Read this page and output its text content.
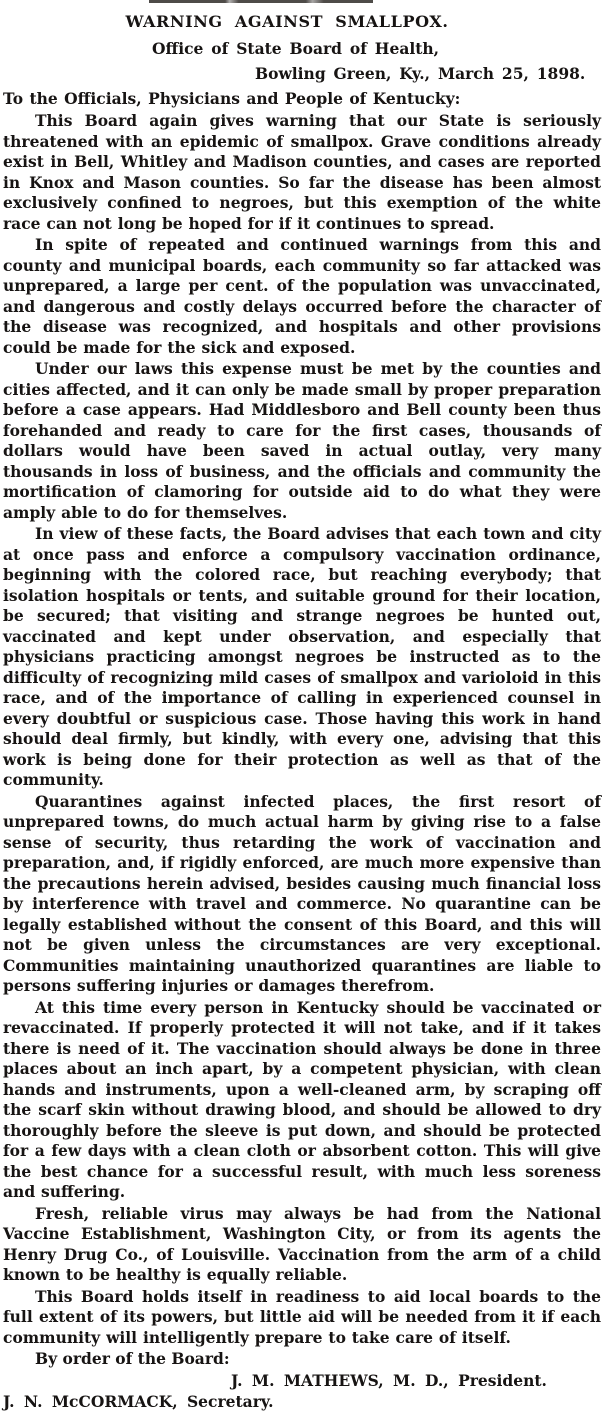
WARNING AGAINST SMALLPOX.
Office of State Board of Health,
Bowling Green, Ky., March 25, 1898.
To the Officials, Physicians and People of Kentucky:

This Board again gives warning that our State is seriously threatened with an epidemic of smallpox. Grave conditions already exist in Bell, Whitley and Madison counties, and cases are reported in Knox and Mason counties. So far the disease has been almost exclusively confined to negroes, but this exemption of the white race can not long be hoped for if it continues to spread.

In spite of repeated and continued warnings from this and county and municipal boards, each community so far attacked was unprepared, a large per cent. of the population was unvaccinated, and dangerous and costly delays occurred before the character of the disease was recognized, and hospitals and other provisions could be made for the sick and exposed.

Under our laws this expense must be met by the counties and cities affected, and it can only be made small by proper preparation before a case appears. Had Middlesboro and Bell county been thus forehanded and ready to care for the first cases, thousands of dollars would have been saved in actual outlay, very many thousands in loss of business, and the officials and community the mortification of clamoring for outside aid to do what they were amply able to do for themselves.

In view of these facts, the Board advises that each town and city at once pass and enforce a compulsory vaccination ordinance, beginning with the colored race, but reaching everybody; that isolation hospitals or tents, and suitable ground for their location, be secured; that visiting and strange negroes be hunted out, vaccinated and kept under observation, and especially that physicians practicing amongst negroes be instructed as to the difficulty of recognizing mild cases of smallpox and varioloid in this race, and of the importance of calling in experienced counsel in every doubtful or suspicious case. Those having this work in hand should deal firmly, but kindly, with every one, advising that this work is being done for their protection as well as that of the community.

Quarantines against infected places, the first resort of unprepared towns, do much actual harm by giving rise to a false sense of security, thus retarding the work of vaccination and preparation, and, if rigidly enforced, are much more expensive than the precautions herein advised, besides causing much financial loss by interference with travel and commerce. No quarantine can be legally established without the consent of this Board, and this will not be given unless the circumstances are very exceptional. Communities maintaining unauthorized quarantines are liable to persons suffering injuries or damages therefrom.

At this time every person in Kentucky should be vaccinated or revaccinated. If properly protected it will not take, and if it takes there is need of it. The vaccination should always be done in three places about an inch apart, by a competent physician, with clean hands and instruments, upon a well-cleaned arm, by scraping off the scarf skin without drawing blood, and should be allowed to dry thoroughly before the sleeve is put down, and should be protected for a few days with a clean cloth or absorbent cotton. This will give the best chance for a successful result, with much less soreness and suffering.

Fresh, reliable virus may always be had from the National Vaccine Establishment, Washington City, or from its agents the Henry Drug Co., of Louisville. Vaccination from the arm of a child known to be healthy is equally reliable.

This Board holds itself in readiness to aid local boards to the full extent of its powers, but little aid will be needed from it if each community will intelligently prepare to take care of itself.

By order of the Board:

J. M. MATHEWS, M. D., President.
J. N. McCORMACK, Secretary.
